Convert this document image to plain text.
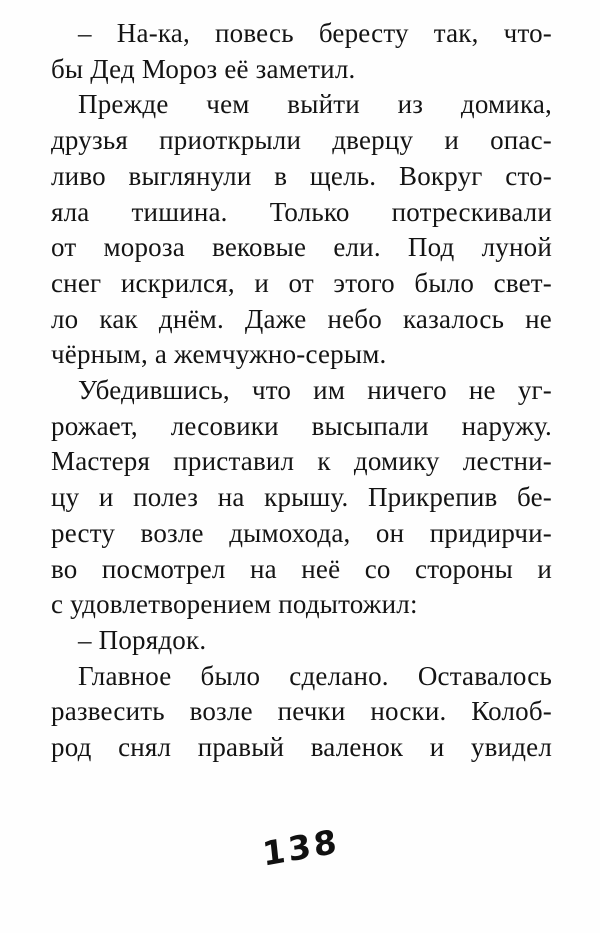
– На-ка, повесь бересту так, что-
бы Дед Мороз её заметил.
Прежде чем выйти из домика,
друзья приоткрыли дверцу и опас-
ливо выглянули в щель. Вокруг сто-
яла тишина. Только потрескивали
от мороза вековые ели. Под луной
снег искрился, и от этого было свет-
ло как днём. Даже небо казалось не
чёрным, а жемчужно-серым.
Убедившись, что им ничего не уг-
рожает, лесовики высыпали наружу.
Мастеря приставил к домику лестни-
цу и полез на крышу. Прикрепив бе-
ресту возле дымохода, он придирчи-
во посмотрел на неё со стороны и
с удовлетворением подытожил:
– Порядок.
Главное было сделано. Оставалось
развесить возле печки носки. Колоб-
род снял правый валенок и увидел
138
